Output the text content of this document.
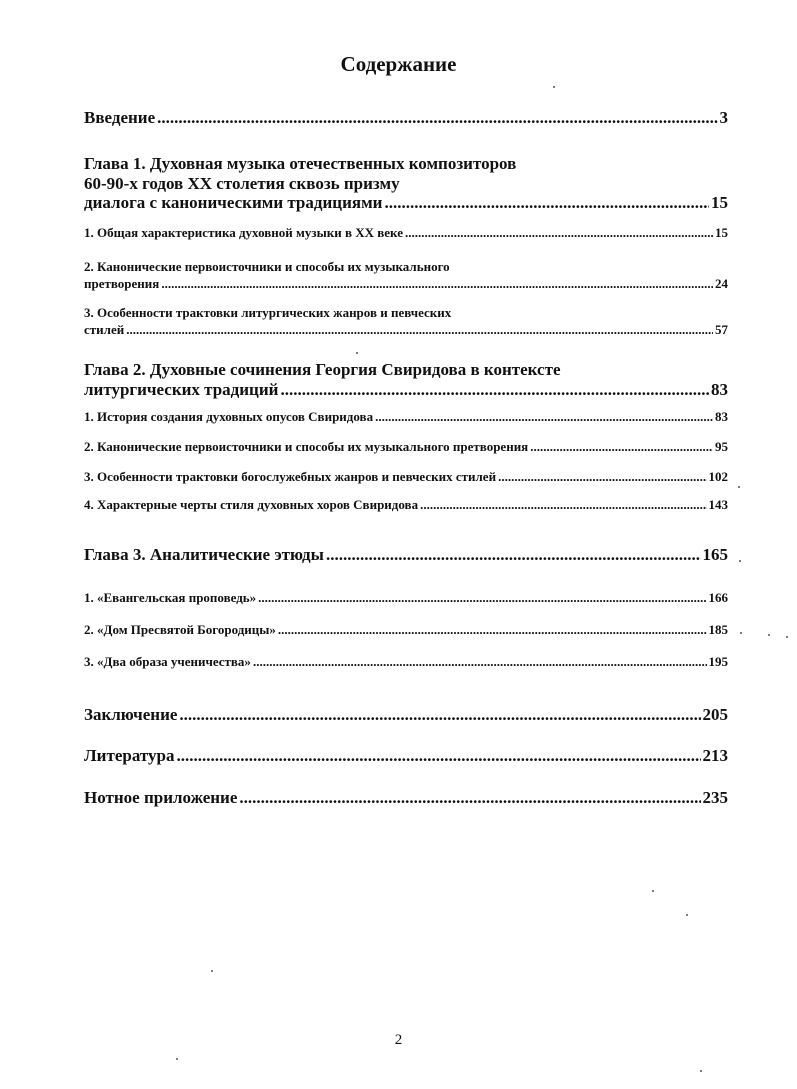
Содержание
Введение .....	3
Глава 1. Духовная музыка отечественных композиторов
60-90-х годов XX столетия сквозь призму
диалога с каноническими традициями .....	15
1. Общая характеристика духовной музыки в XX веке .....	15
2. Канонические первоисточники и способы их музыкального
претворения .....	24
3. Особенности трактовки литургических жанров и певческих
стилей .....	57
Глава 2. Духовные сочинения Георгия Свиридова в контексте
литургических традиций .....	83
1. История создания духовных опусов Свиридова .....	83
2. Канонические первоисточники и способы их музыкального претворения .....	95
3. Особенности трактовки богослужебных жанров и певческих стилей .....	102
4. Характерные черты стиля духовных хоров Свиридова .....	143
Глава 3. Аналитические этюды .....	165
1. «Евангельская проповедь» .....	166
2. «Дом Пресвятой Богородицы» .....	185
3. «Два образа ученичества» .....	195
Заключение .....	205
Литература .....	213
Нотное приложение .....	235
2
